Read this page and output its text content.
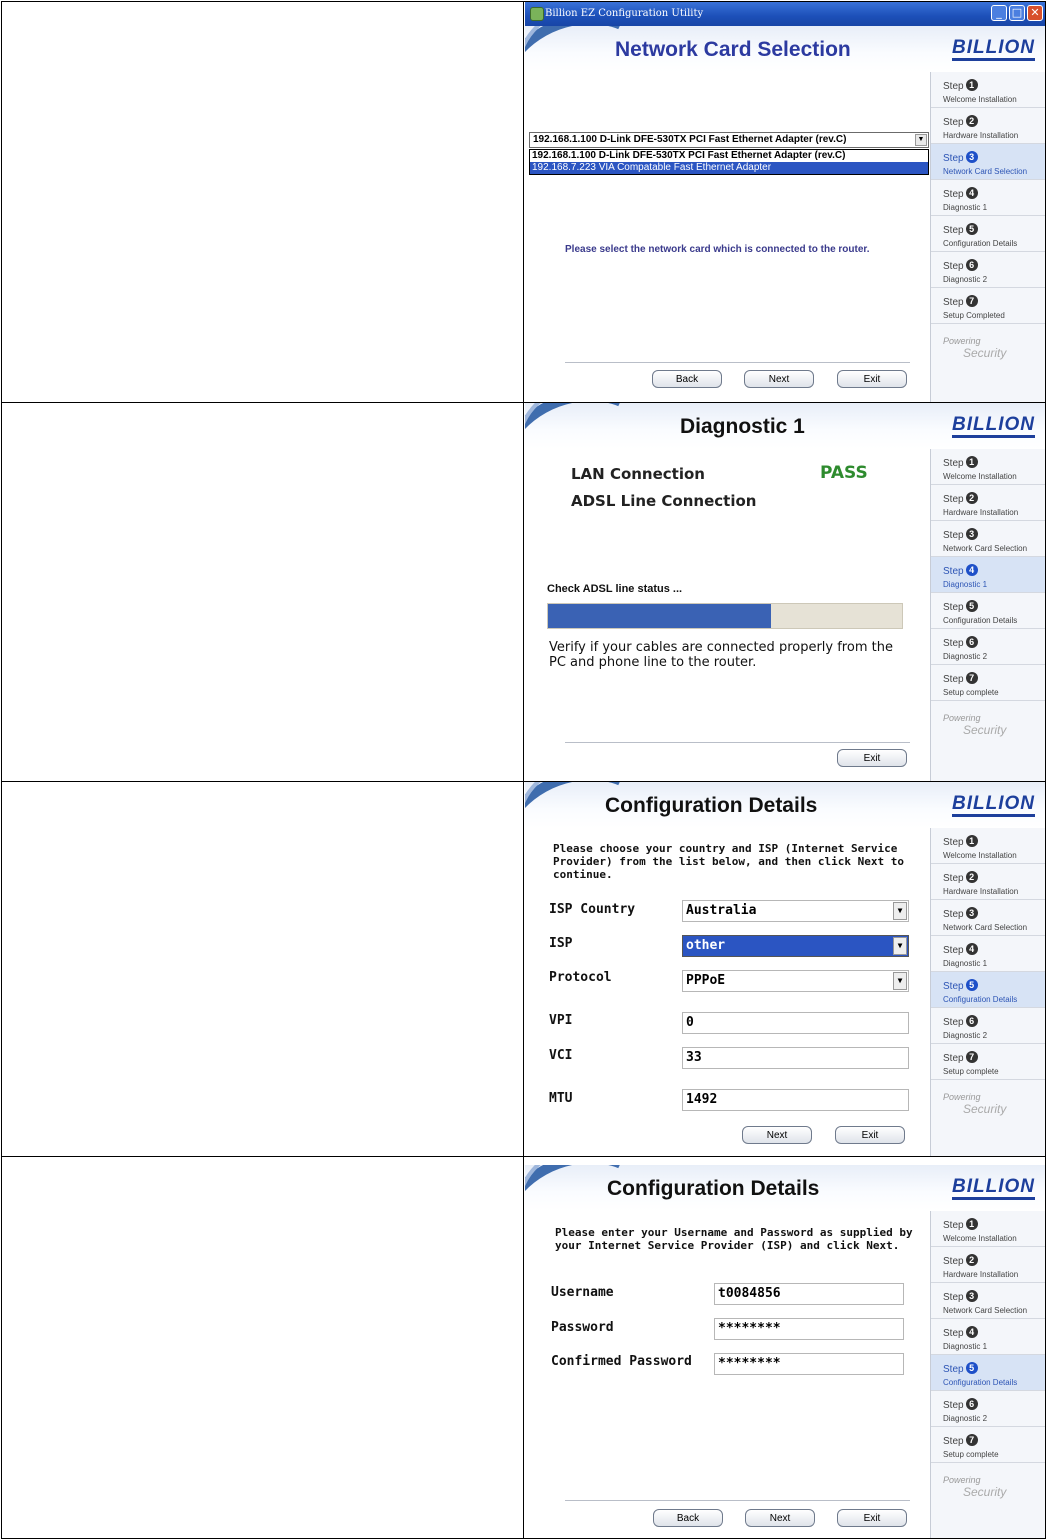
Billion EZ Configuration Utility	_ □ ✕
Network Card Selection	BILLION
Step 1
Welcome Installation
Step 2
Hardware Installation
Step 3
Network Card Selection
Step 4
Diagnostic 1
Step 5
Configuration Details
Step 6
Diagnostic 2
Step 7
Setup Completed
Powering
Security
192.168.1.100 D-Link DFE-530TX PCI Fast Ethernet Adapter (rev.C)	▼
192.168.1.100 D-Link DFE-530TX PCI Fast Ethernet Adapter (rev.C)
192.168.7.223 VIA Compatable Fast Ethernet Adapter
Please select the network card which is connected to the router.
Back	Next	Exit
Diagnostic 1	BILLION
Step 1
Welcome Installation
Step 2
Hardware Installation
Step 3
Network Card Selection
Step 4
Diagnostic 1
Step 5
Configuration Details
Step 6
Diagnostic 2
Step 7
Setup complete
Powering
Security
LAN Connection	PASS
ADSL Line Connection
Check ADSL line status ...
Verify if your cables are connected properly from the
PC and phone line to the router.
Exit
Configuration Details	BILLION
Step 1
Welcome Installation
Step 2
Hardware Installation
Step 3
Network Card Selection
Step 4
Diagnostic 1
Step 5
Configuration Details
Step 6
Diagnostic 2
Step 7
Setup complete
Powering
Security
Please choose your country and ISP (Internet Service
Provider) from the list below, and then click Next to
continue.
ISP Country	Australia	▼
ISP	other	▼
Protocol	PPPoE	▼
VPI	0
VCI	33
MTU	1492
Next	Exit
Configuration Details	BILLION
Step 1
Welcome Installation
Step 2
Hardware Installation
Step 3
Network Card Selection
Step 4
Diagnostic 1
Step 5
Configuration Details
Step 6
Diagnostic 2
Step 7
Setup complete
Powering
Security
Please enter your Username and Password as supplied by
your Internet Service Provider (ISP) and click Next.
Username	t0084856
Password	********
Confirmed Password	********
Back	Next	Exit
